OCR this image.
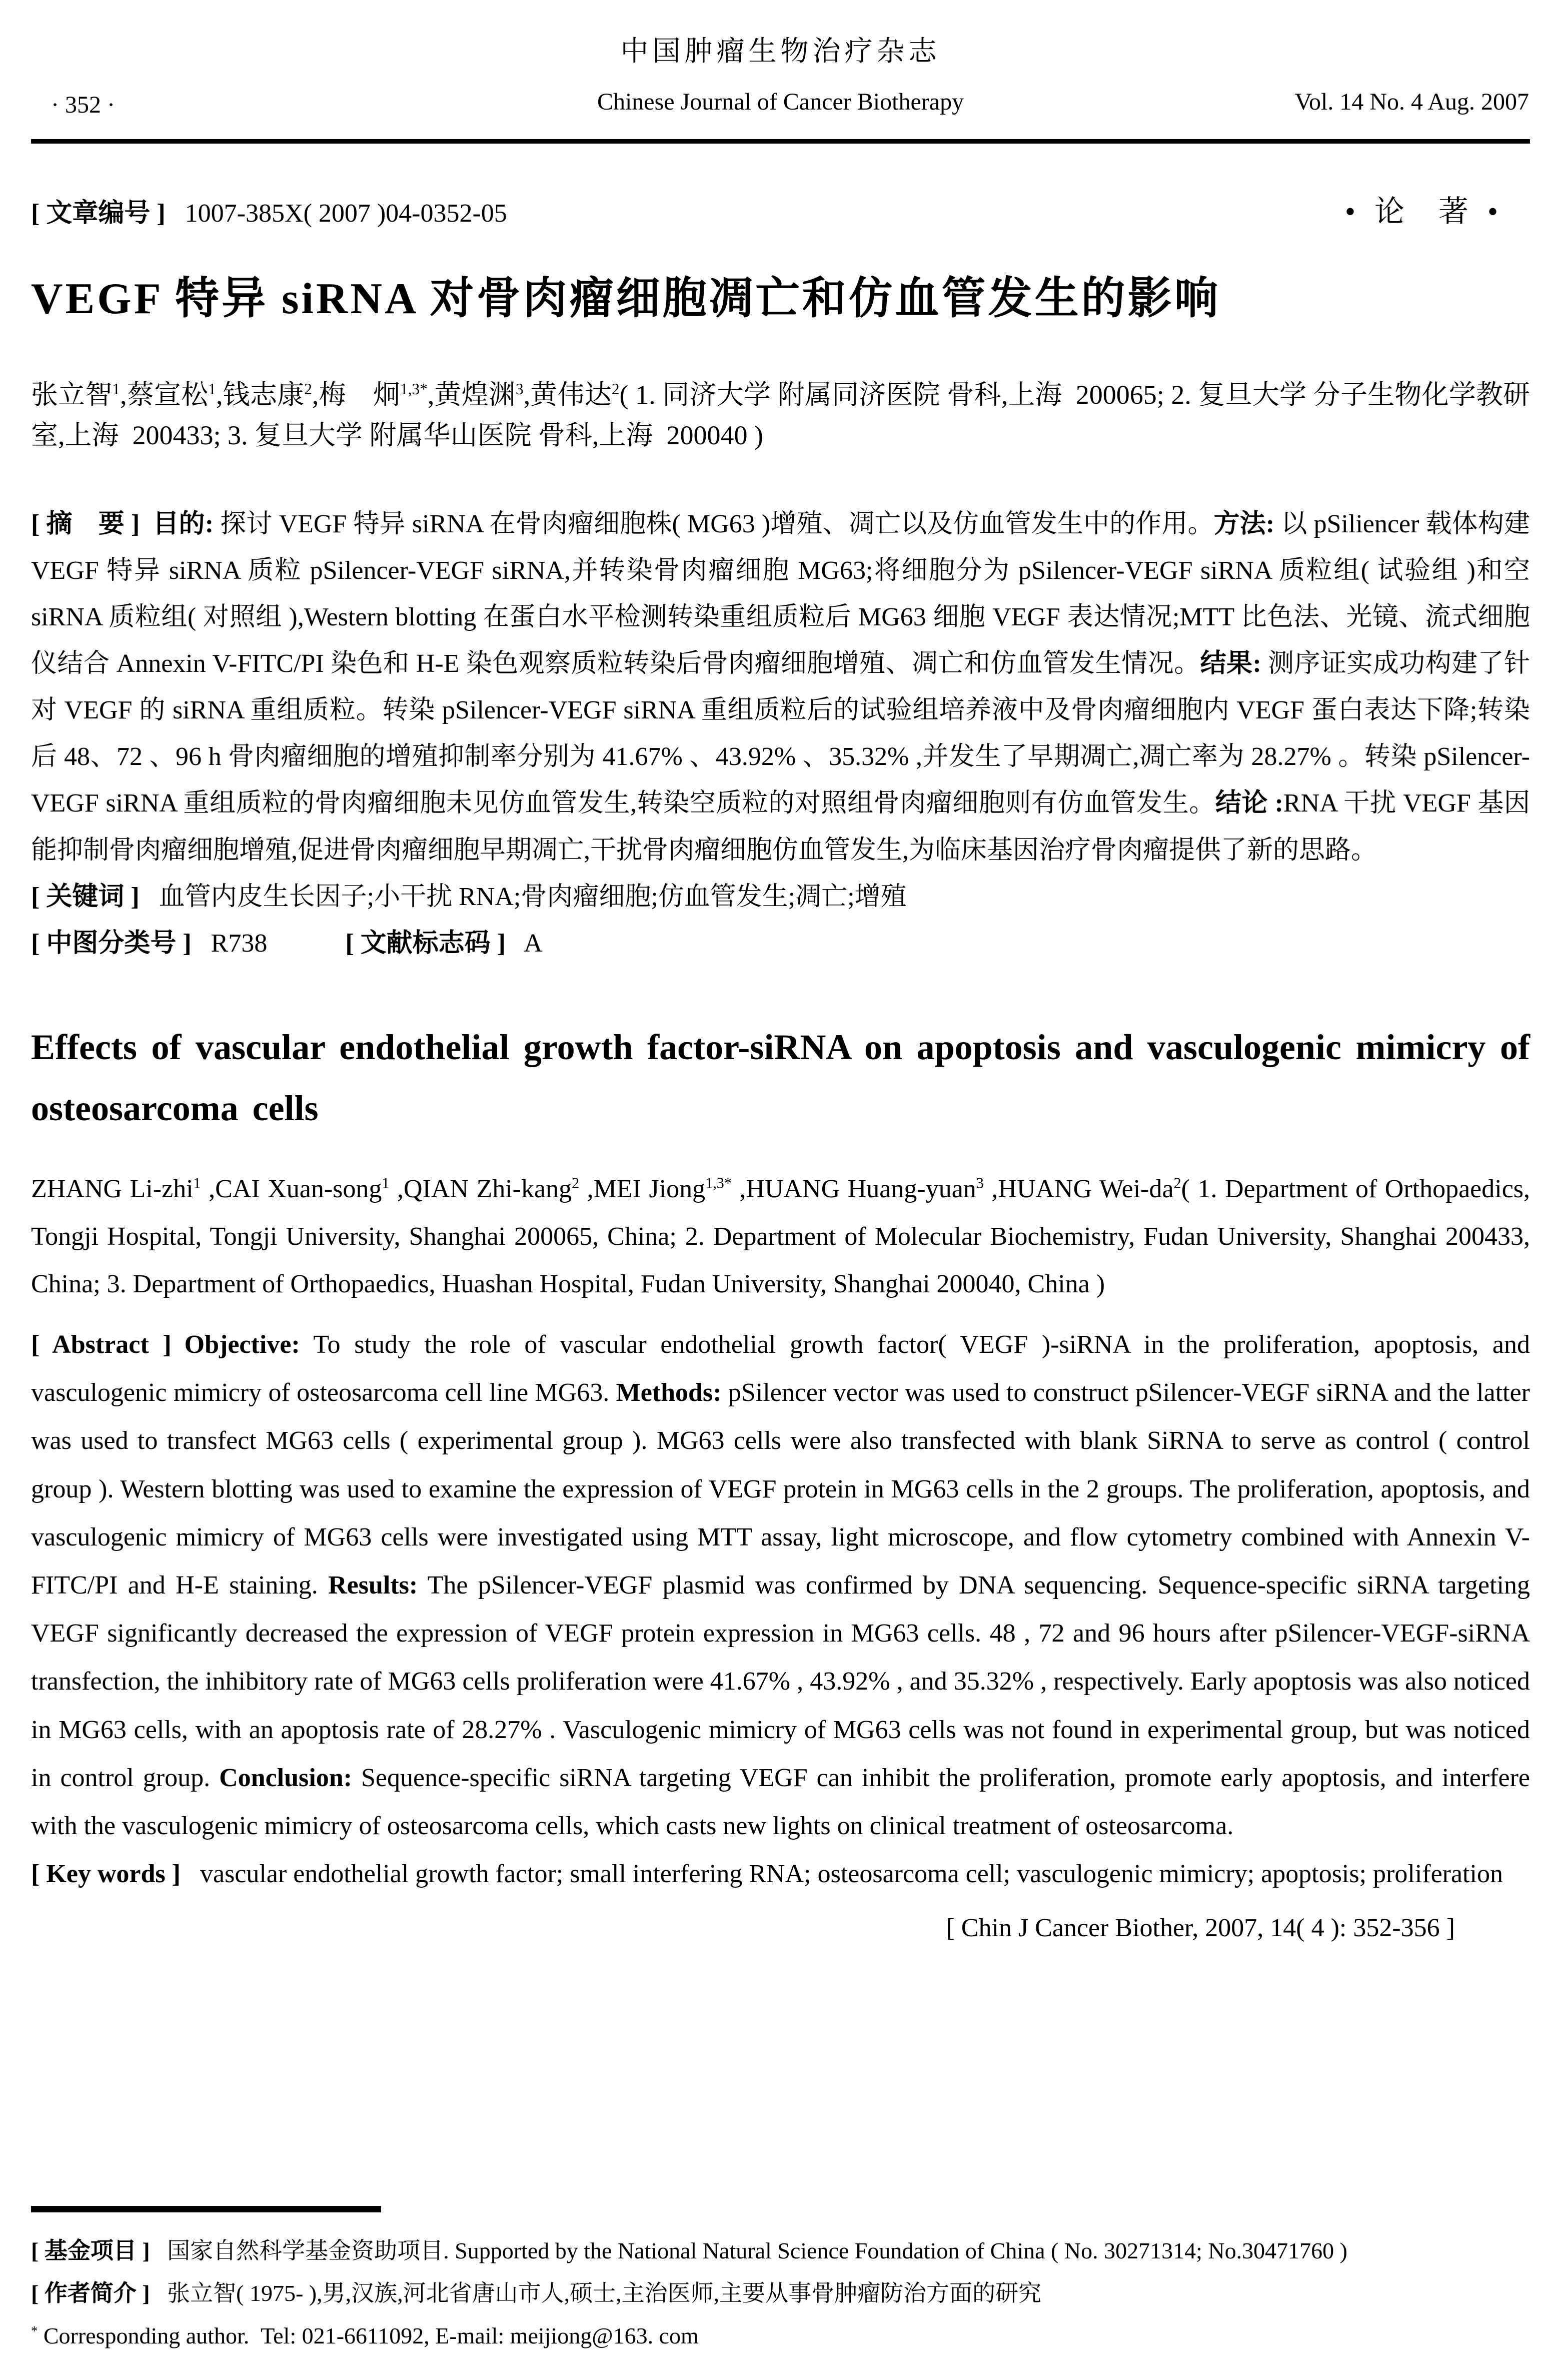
中国肿瘤生物治疗杂志
· 352 ·	Chinese Journal of Cancer Biotherapy	Vol. 14 No. 4 Aug. 2007
[ 文章编号 ]  1007-385X( 2007 )04-0352-05	• 论 著 •
VEGF 特异 siRNA 对骨肉瘤细胞凋亡和仿血管发生的影响

张立智$^1$,蔡宣松$^1$,钱志康$^2$,梅　炯$^{1,3*}$,黄煌渊$^3$,黄伟达$^2$( 1. 同济大学 附属同济医院 骨科,上海 200065; 2. 复旦大学 分子生物化学教研室,上海 200433; 3. 复旦大学 附属华山医院 骨科,上海 200040 )

[ 摘 要 ]  目的: 探讨 VEGF 特异 siRNA 在骨肉瘤细胞株( MG63 )增殖、凋亡以及仿血管发生中的作用。方法: 以 pSiliencer 载体构建 VEGF 特异 siRNA 质粒 pSilencer-VEGF siRNA,并转染骨肉瘤细胞 MG63;将细胞分为 pSilencer-VEGF siRNA 质粒组( 试验组 )和空 siRNA 质粒组( 对照组 ),Western blotting 在蛋白水平检测转染重组质粒后 MG63 细胞 VEGF 表达情况;MTT 比色法、光镜、流式细胞仪结合 Annexin V-FITC/PI 染色和 H-E 染色观察质粒转染后骨肉瘤细胞增殖、凋亡和仿血管发生情况。结果: 测序证实成功构建了针对 VEGF 的 siRNA 重组质粒。转染 pSilencer-VEGF siRNA 重组质粒后的试验组培养液中及骨肉瘤细胞内 VEGF 蛋白表达下降;转染后 48、72 、96 h 骨肉瘤细胞的增殖抑制率分别为 41.67% 、43.92% 、35.32% ,并发生了早期凋亡,凋亡率为 28.27% 。转染 pSilencer-VEGF siRNA 重组质粒的骨肉瘤细胞未见仿血管发生,转染空质粒的对照组骨肉瘤细胞则有仿血管发生。结论 :RNA 干扰 VEGF 基因能抑制骨肉瘤细胞增殖,促进骨肉瘤细胞早期凋亡,干扰骨肉瘤细胞仿血管发生,为临床基因治疗骨肉瘤提供了新的思路。

[ 关键词 ]  血管内皮生长因子;小干扰 RNA;骨肉瘤细胞;仿血管发生;凋亡;增殖

[ 中图分类号 ]  R738   	[ 文献标志码 ]  A

Effects of vascular endothelial growth factor-siRNA on apoptosis and vasculogenic mimicry of osteosarcoma cells

ZHANG Li-zhi$^1$ ,CAI Xuan-song$^1$ ,QIAN Zhi-kang$^2$ ,MEI Jiong$^{1,3*}$ ,HUANG Huang-yuan$^3$ ,HUANG Wei-$da^2$( 1. Department of Orthopaedics, Tongji Hospital, Tongji University, Shanghai 200065, China; 2. Department of Molecular Biochemistry, Fudan University, Shanghai 200433, China; 3. Department of Orthopaedics, Huashan Hospital, Fudan University, Shanghai 200040, China )

[ Abstract ]  Objective: To study the role of vascular endothelial growth factor( VEGF )-siRNA in the proliferation, apoptosis, and vasculogenic mimicry of osteosarcoma cell line MG63. Methods: pSilencer vector was used to construct pSilencer-VEGF siRNA and the latter was used to transfect MG63 cells ( experimental group ). MG63 cells were also transfected with blank SiRNA to serve as control ( control group ). Western blotting was used to examine the expression of VEGF protein in MG63 cells in the 2 groups. The proliferation, apoptosis, and vasculogenic mimicry of MG63 cells were investigated using MTT assay, light microscope, and flow cytometry combined with Annexin V-FITC/PI and H-E staining. Results: The pSilencer-VEGF plasmid was confirmed by DNA sequencing. Sequence-specific siRNA targeting VEGF significantly decreased the expression of VEGF protein expression in MG63 cells. 48 , 72 and 96 hours after pSilencer-VEGF-siRNA transfection, the inhibitory rate of MG63 cells proliferation were 41.67% , 43.92% , and 35.32% , respectively. Early apoptosis was also noticed in MG63 cells, with an apoptosis rate of 28.27% . Vasculogenic mimicry of MG63 cells was not found in experimental group, but was noticed in control group. Conclusion: Sequence-specific siRNA targeting VEGF can inhibit the proliferation, promote early apoptosis, and interfere with the vasculogenic mimicry of osteosarcoma cells, which casts new lights on clinical treatment of osteosarcoma.

[ Key words ]  vascular endothelial growth factor; small interfering RNA; osteosarcoma cell; vasculogenic mimicry; apoptosis; proliferation

[ Chin J Cancer Biother, 2007, 14( 4 ): 352-356 ]

[ 基金项目 ]  国家自然科学基金资助项目. Supported by the National Natural Science Foundation of China ( No. 30271314; No.30471760 )

[ 作者简介 ]  张立智( 1975- ),男,汉族,河北省唐山市人,硕士,主治医师,主要从事骨肿瘤防治方面的研究

* Corresponding author. Tel: 021-6611092, E-mail: meijiong@163. com
